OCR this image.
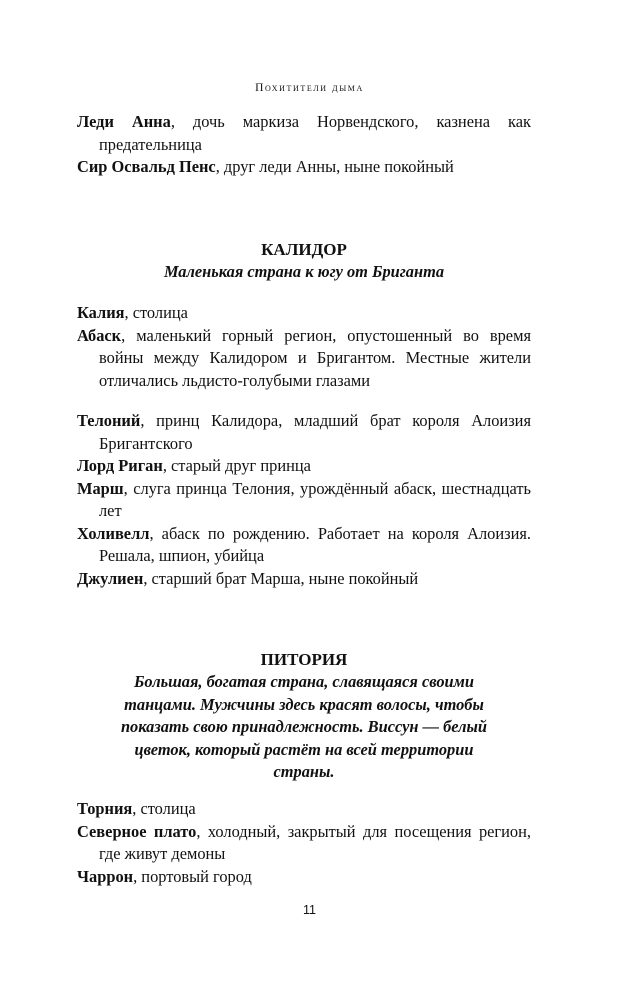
Похитители дыма
Леди Анна, дочь маркиза Норвендского, казнена как предательница
Сир Освальд Пенс, друг леди Анны, ныне покойный
КАЛИДОР
Маленькая страна к югу от Бриганта
Калия, столица
Абаск, маленький горный регион, опустошенный во время войны между Калидором и Бригантом. Местные жители отличались льдисто-голубыми глазами
Телоний, принц Калидора, младший брат короля Алоизия Бригантского
Лорд Риган, старый друг принца
Марш, слуга принца Телония, урождённый абаск, шестнадцать лет
Холивелл, абаск по рождению. Работает на короля Алоизия. Решала, шпион, убийца
Джулиен, старший брат Марша, ныне покойный
ПИТОРИЯ
Большая, богатая страна, славящаяся своими танцами. Мужчины здесь красят волосы, чтобы показать свою принадлежность. Виссун — белый цветок, который растёт на всей территории страны.
Торния, столица
Северное плато, холодный, закрытый для посещения регион, где живут демоны
Чаррон, портовый город
11
